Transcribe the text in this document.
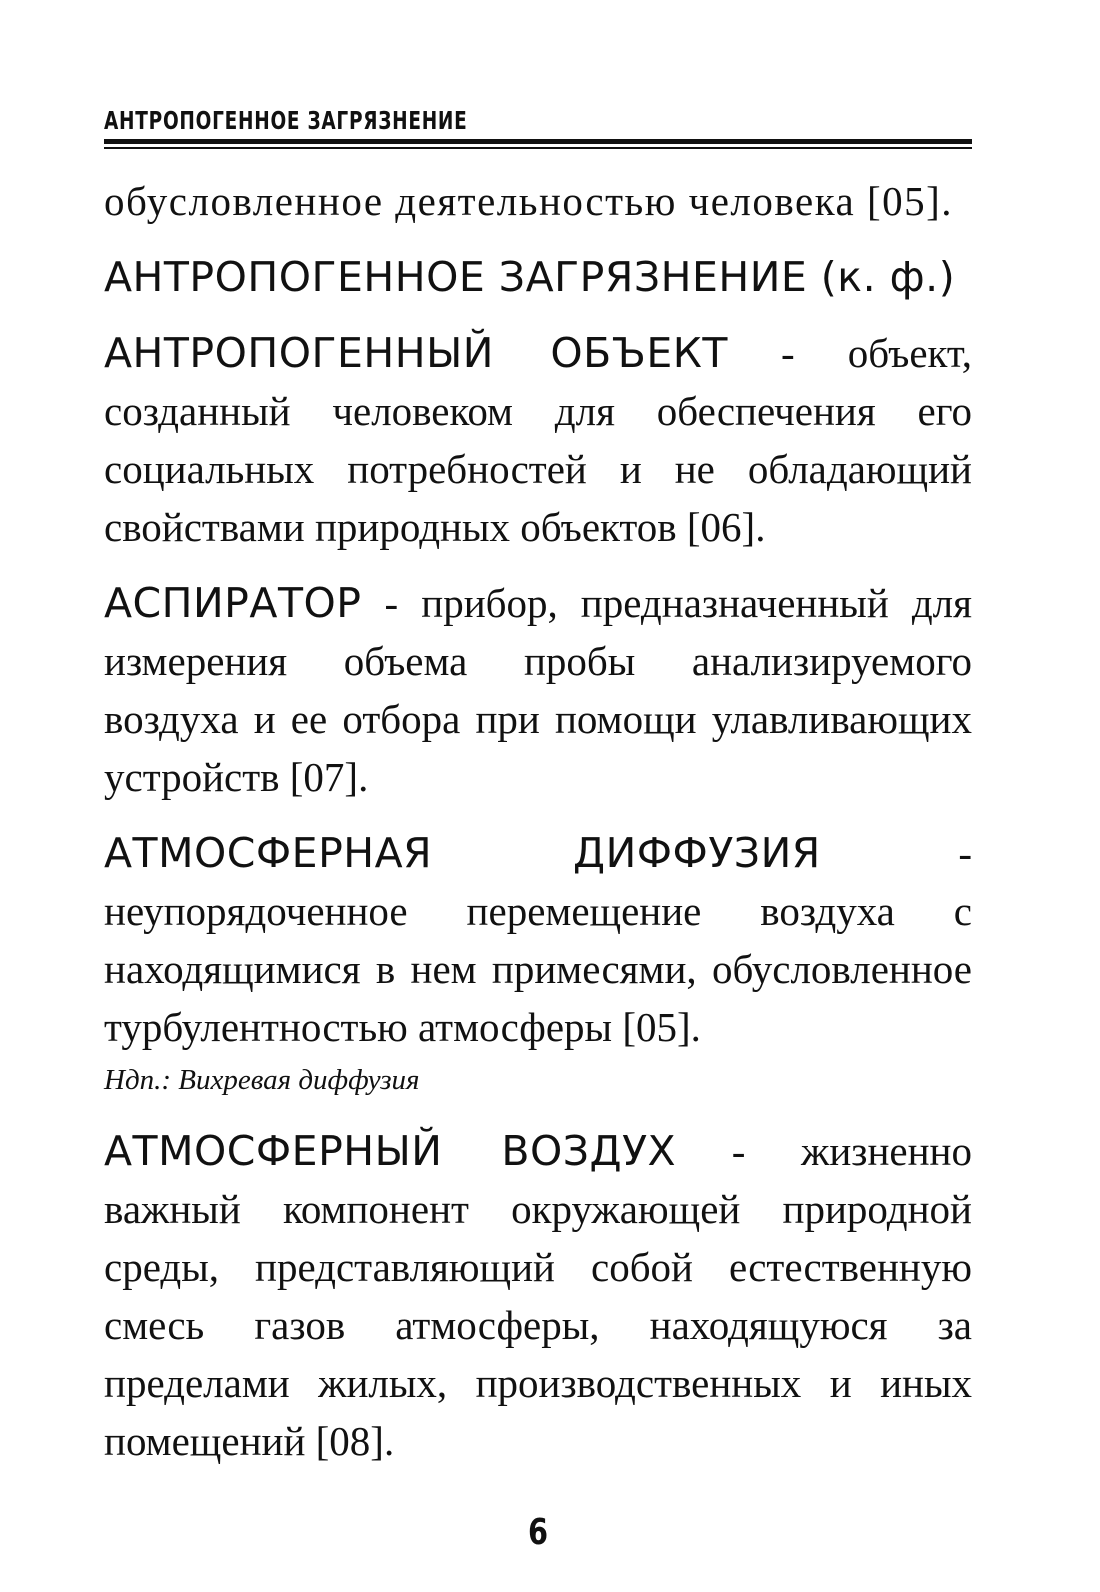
АНТРОПОГЕННОЕ ЗАГРЯЗНЕНИЕ

обусловленное деятельностью человека [05].

АНТРОПОГЕННОЕ ЗАГРЯЗНЕНИЕ (к. ф.)

АНТРОПОГЕННЫЙ ОБЪЕКТ - объект, созданный человеком для обеспечения его социальных потребностей и не обладающий свойствами природных объектов [06].

АСПИРАТОР - прибор, предназначенный для измерения объема пробы анализируемого воздуха и ее отбора при помощи улавливающих устройств [07].

АТМОСФЕРНАЯ ДИФФУЗИЯ - неупорядоченное перемещение воздуха с находящимися в нем примесями, обусловленное турбулентностью атмосферы [05].

Ндп.: Вихревая диффузия

АТМОСФЕРНЫЙ ВОЗДУХ - жизненно важный компонент окружающей природной среды, представляющий собой естественную смесь газов атмосферы, находящуюся за пределами жилых, производственных и иных помещений [08].

6
